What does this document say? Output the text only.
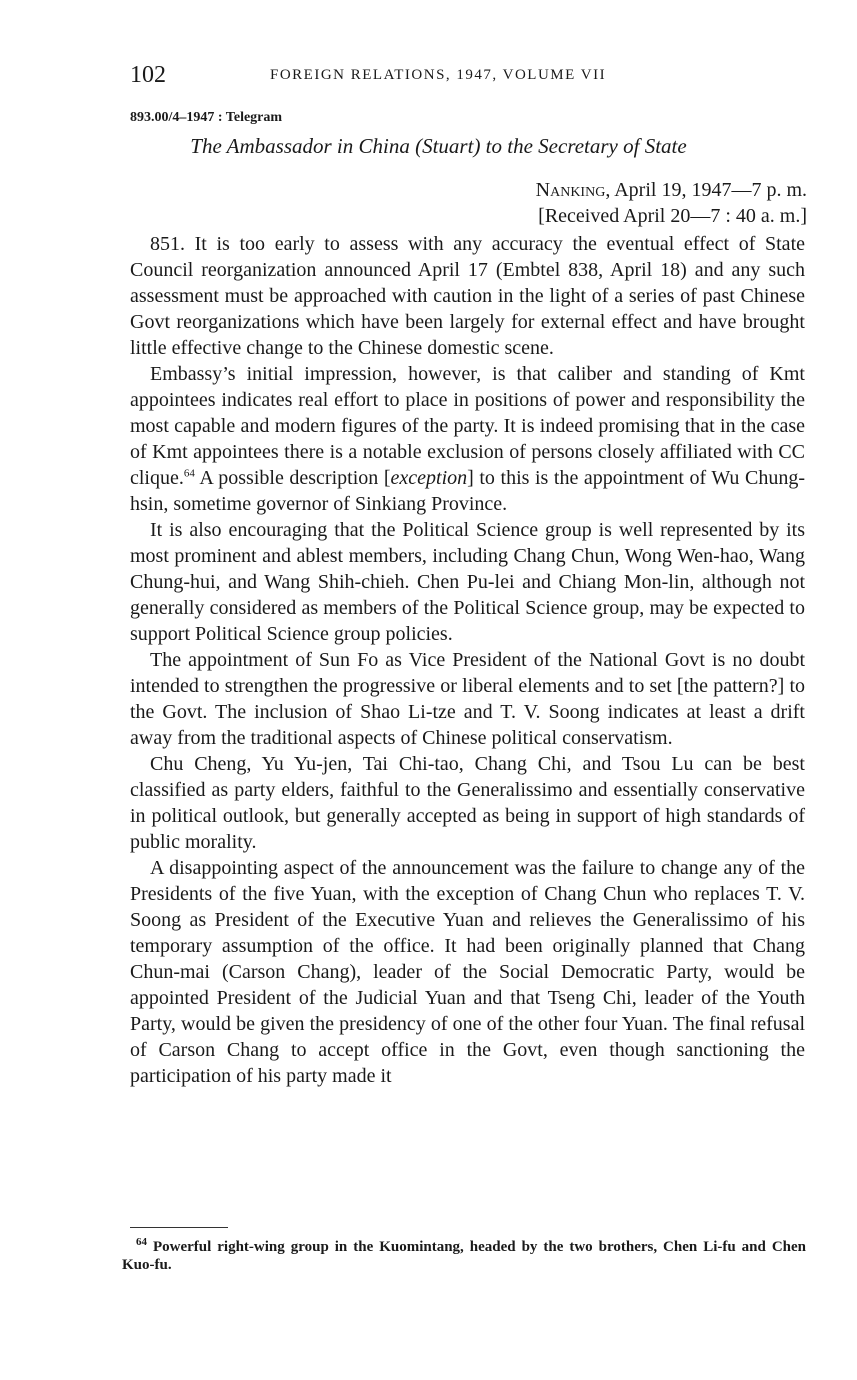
102	FOREIGN RELATIONS, 1947, VOLUME VII
893.00/4–1947 : Telegram
The Ambassador in China (Stuart) to the Secretary of State
Nanking, April 19, 1947—7 p. m.
[Received April 20—7 : 40 a. m.]

851. It is too early to assess with any accuracy the eventual effect of State Council reorganization announced April 17 (Embtel 838, April 18) and any such assessment must be approached with caution in the light of a series of past Chinese Govt reorganizations which have been largely for external effect and have brought little effective change to the Chinese domestic scene.

Embassy’s initial impression, however, is that caliber and standing of Kmt appointees indicates real effort to place in positions of power and responsibility the most capable and modern figures of the party. It is indeed promising that in the case of Kmt appointees there is a notable exclusion of persons closely affiliated with CC clique.$^{64}$ A possible description [exception] to this is the appointment of Wu Chung-hsin, sometime governor of Sinkiang Province.

It is also encouraging that the Political Science group is well represented by its most prominent and ablest members, including Chang Chun, Wong Wen-hao, Wang Chung-hui, and Wang Shih-chieh. Chen Pu-lei and Chiang Mon-lin, although not generally considered as members of the Political Science group, may be expected to support Political Science group policies.

The appointment of Sun Fo as Vice President of the National Govt is no doubt intended to strengthen the progressive or liberal elements and to set [the pattern?] to the Govt. The inclusion of Shao Li-tze and T. V. Soong indicates at least a drift away from the traditional aspects of Chinese political conservatism.

Chu Cheng, Yu Yu-jen, Tai Chi-tao, Chang Chi, and Tsou Lu can be best classified as party elders, faithful to the Generalissimo and essentially conservative in political outlook, but generally accepted as being in support of high standards of public morality.

A disappointing aspect of the announcement was the failure to change any of the Presidents of the five Yuan, with the exception of Chang Chun who replaces T. V. Soong as President of the Executive Yuan and relieves the Generalissimo of his temporary assumption of the office. It had been originally planned that Chang Chun-mai (Carson Chang), leader of the Social Democratic Party, would be appointed President of the Judicial Yuan and that Tseng Chi, leader of the Youth Party, would be given the presidency of one of the other four Yuan. The final refusal of Carson Chang to accept office in the Govt, even though sanctioning the participation of his party made it

$^{64}$ Powerful right-wing group in the Kuomintang, headed by the two brothers, Chen Li-fu and Chen Kuo-fu.
